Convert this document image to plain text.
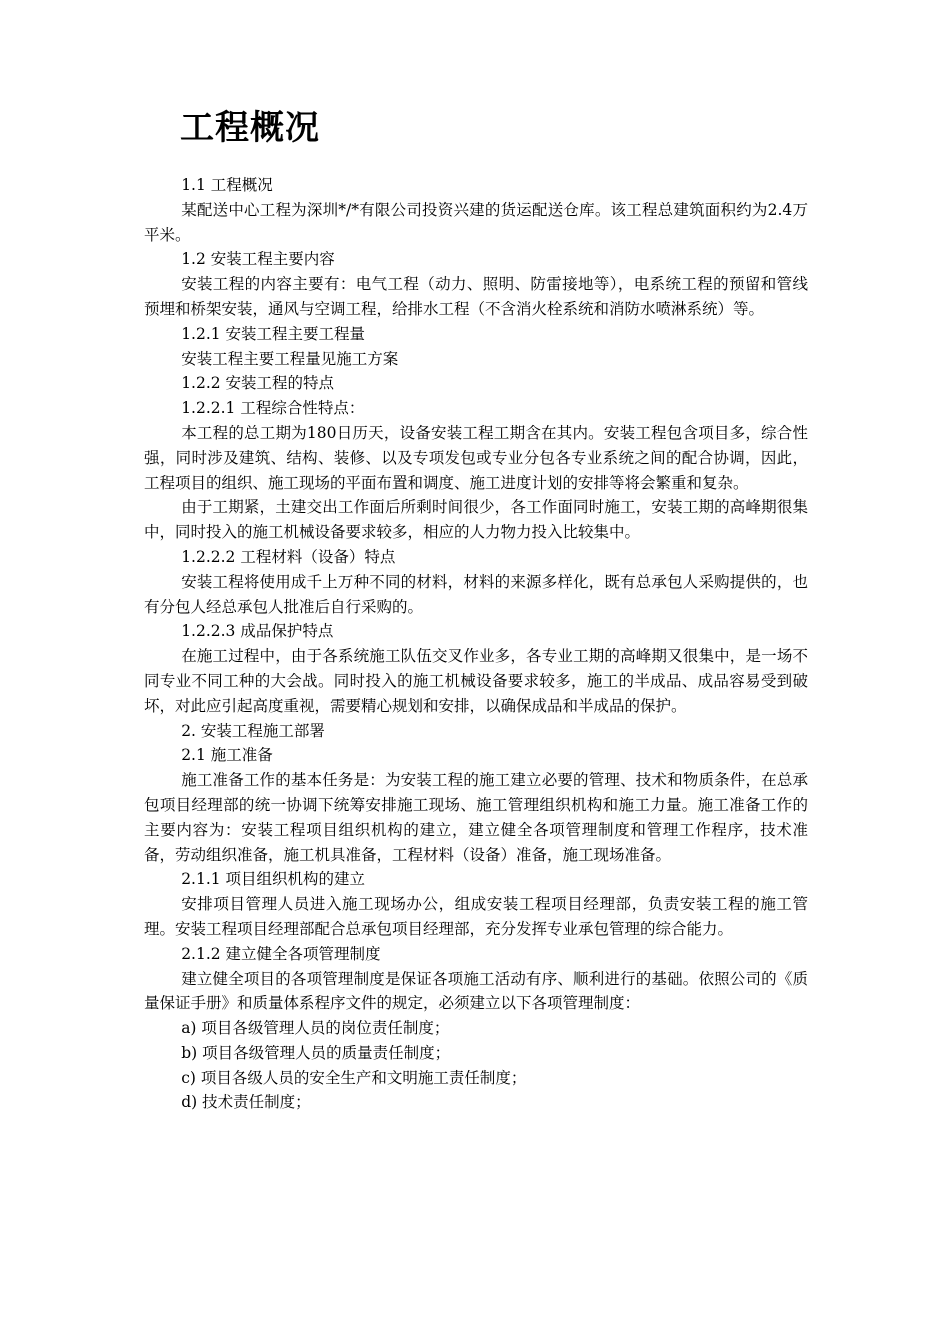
工程概况

1.1 工程概况

某配送中心工程为深圳*/*有限公司投资兴建的货运配送仓库。该工程总建筑面积约为2.4万平米。

1.2 安装工程主要内容

安装工程的内容主要有：电气工程（动力、照明、防雷接地等），电系统工程的预留和管线预埋和桥架安装，通风与空调工程，给排水工程（不含消火栓系统和消防水喷淋系统）等。

1.2.1 安装工程主要工程量

安装工程主要工程量见施工方案

1.2.2 安装工程的特点

1.2.2.1 工程综合性特点：

本工程的总工期为180日历天，设备安装工程工期含在其内。安装工程包含项目多，综合性强，同时涉及建筑、结构、装修、以及专项发包或专业分包各专业系统之间的配合协调，因此，工程项目的组织、施工现场的平面布置和调度、施工进度计划的安排等将会繁重和复杂。

由于工期紧，土建交出工作面后所剩时间很少，各工作面同时施工，安装工期的高峰期很集中，同时投入的施工机械设备要求较多，相应的人力物力投入比较集中。

1.2.2.2 工程材料（设备）特点

安装工程将使用成千上万种不同的材料，材料的来源多样化，既有总承包人采购提供的，也有分包人经总承包人批准后自行采购的。

1.2.2.3 成品保护特点

在施工过程中，由于各系统施工队伍交叉作业多，各专业工期的高峰期又很集中，是一场不同专业不同工种的大会战。同时投入的施工机械设备要求较多，施工的半成品、成品容易受到破坏，对此应引起高度重视，需要精心规划和安排，以确保成品和半成品的保护。

2. 安装工程施工部署

2.1 施工准备

施工准备工作的基本任务是：为安装工程的施工建立必要的管理、技术和物质条件，在总承包项目经理部的统一协调下统筹安排施工现场、施工管理组织机构和施工力量。施工准备工作的主要内容为：安装工程项目组织机构的建立，建立健全各项管理制度和管理工作程序，技术准备，劳动组织准备，施工机具准备，工程材料（设备）准备，施工现场准备。

2.1.1 项目组织机构的建立

安排项目管理人员进入施工现场办公，组成安装工程项目经理部，负责安装工程的施工管理。安装工程项目经理部配合总承包项目经理部，充分发挥专业承包管理的综合能力。

2.1.2 建立健全各项管理制度

建立健全项目的各项管理制度是保证各项施工活动有序、顺利进行的基础。依照公司的《质量保证手册》和质量体系程序文件的规定，必须建立以下各项管理制度：

a) 项目各级管理人员的岗位责任制度；

b) 项目各级管理人员的质量责任制度；

c) 项目各级人员的安全生产和文明施工责任制度；

d) 技术责任制度；
